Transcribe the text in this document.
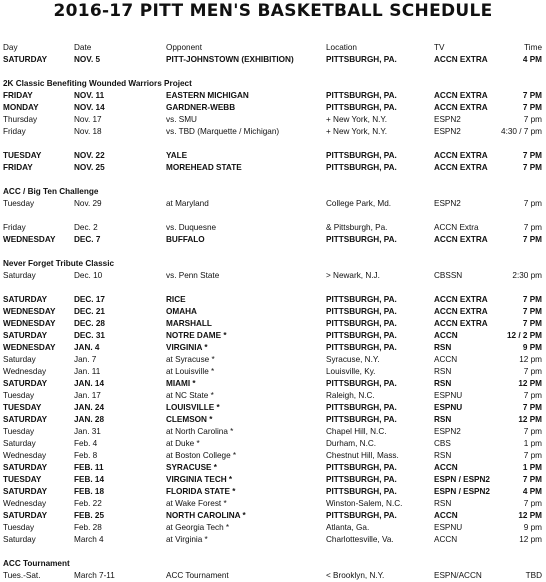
2016-17 PITT MEN'S BASKETBALL SCHEDULE
Day	Date	Opponent	Location	TV	Time
SATURDAY	NOV. 5	PITT-JOHNSTOWN (EXHIBITION)	PITTSBURGH, PA.	ACCN EXTRA	4 PM
2K Classic Benefiting Wounded Warriors Project
FRIDAY	NOV. 11	EASTERN MICHIGAN	PITTSBURGH, PA.	ACCN EXTRA	7 PM
MONDAY	NOV. 14	GARDNER-WEBB	PITTSBURGH, PA.	ACCN EXTRA	7 PM
Thursday	Nov. 17	vs. SMU	+ New York, N.Y.	ESPN2	7 pm
Friday	Nov. 18	vs. TBD (Marquette / Michigan)	+ New York, N.Y.	ESPN2	4:30 / 7 pm
TUESDAY	NOV. 22	YALE	PITTSBURGH, PA.	ACCN EXTRA	7 PM
FRIDAY	NOV. 25	MOREHEAD STATE	PITTSBURGH, PA.	ACCN EXTRA	7 PM
ACC / Big Ten Challenge
Tuesday	Nov. 29	at Maryland	College Park, Md.	ESPN2	7 pm
Friday	Dec. 2	vs. Duquesne	& Pittsburgh, Pa.	ACCN Extra	7 pm
WEDNESDAY	DEC. 7	BUFFALO	PITTSBURGH, PA.	ACCN EXTRA	7 PM
Never Forget Tribute Classic
Saturday	Dec. 10	vs. Penn State	> Newark, N.J.	CBSSN	2:30 pm
SATURDAY	DEC. 17	RICE	PITTSBURGH, PA.	ACCN EXTRA	7 PM
WEDNESDAY	DEC. 21	OMAHA	PITTSBURGH, PA.	ACCN EXTRA	7 PM
WEDNESDAY	DEC. 28	MARSHALL	PITTSBURGH, PA.	ACCN EXTRA	7 PM
SATURDAY	DEC. 31	NOTRE DAME *	PITTSBURGH, PA.	ACCN	12 / 2 PM
WEDNESDAY	JAN. 4	VIRGINIA *	PITTSBURGH, PA.	RSN	9 PM
Saturday	Jan. 7	at Syracuse *	Syracuse, N.Y.	ACCN	12 pm
Wednesday	Jan. 11	at Louisville *	Louisville, Ky.	RSN	7 pm
SATURDAY	JAN. 14	MIAMI *	PITTSBURGH, PA.	RSN	12 PM
Tuesday	Jan. 17	at NC State *	Raleigh, N.C.	ESPNU	7 pm
TUESDAY	JAN. 24	LOUISVILLE *	PITTSBURGH, PA.	ESPNU	7 PM
SATURDAY	JAN. 28	CLEMSON *	PITTSBURGH, PA.	RSN	12 PM
Tuesday	Jan. 31	at North Carolina *	Chapel Hill, N.C.	ESPN2	7 pm
Saturday	Feb. 4	at Duke *	Durham, N.C.	CBS	1 pm
Wednesday	Feb. 8	at Boston College *	Chestnut Hill, Mass.	RSN	7 pm
SATURDAY	FEB. 11	SYRACUSE *	PITTSBURGH, PA.	ACCN	1 PM
TUESDAY	FEB. 14	VIRGINIA TECH *	PITTSBURGH, PA.	ESPN / ESPN2	7 PM
SATURDAY	FEB. 18	FLORIDA STATE *	PITTSBURGH, PA.	ESPN / ESPN2	4 PM
Wednesday	Feb. 22	at Wake Forest *	Winston-Salem, N.C.	RSN	7 pm
SATURDAY	FEB. 25	NORTH CAROLINA *	PITTSBURGH, PA.	ACCN	12 PM
Tuesday	Feb. 28	at Georgia Tech *	Atlanta, Ga.	ESPNU	9 pm
Saturday	March 4	at Virginia *	Charlottesville, Va.	ACCN	12 pm
ACC Tournament
Tues.-Sat.	March 7-11	ACC Tournament	< Brooklyn, N.Y.	ESPN/ACCN	TBD
